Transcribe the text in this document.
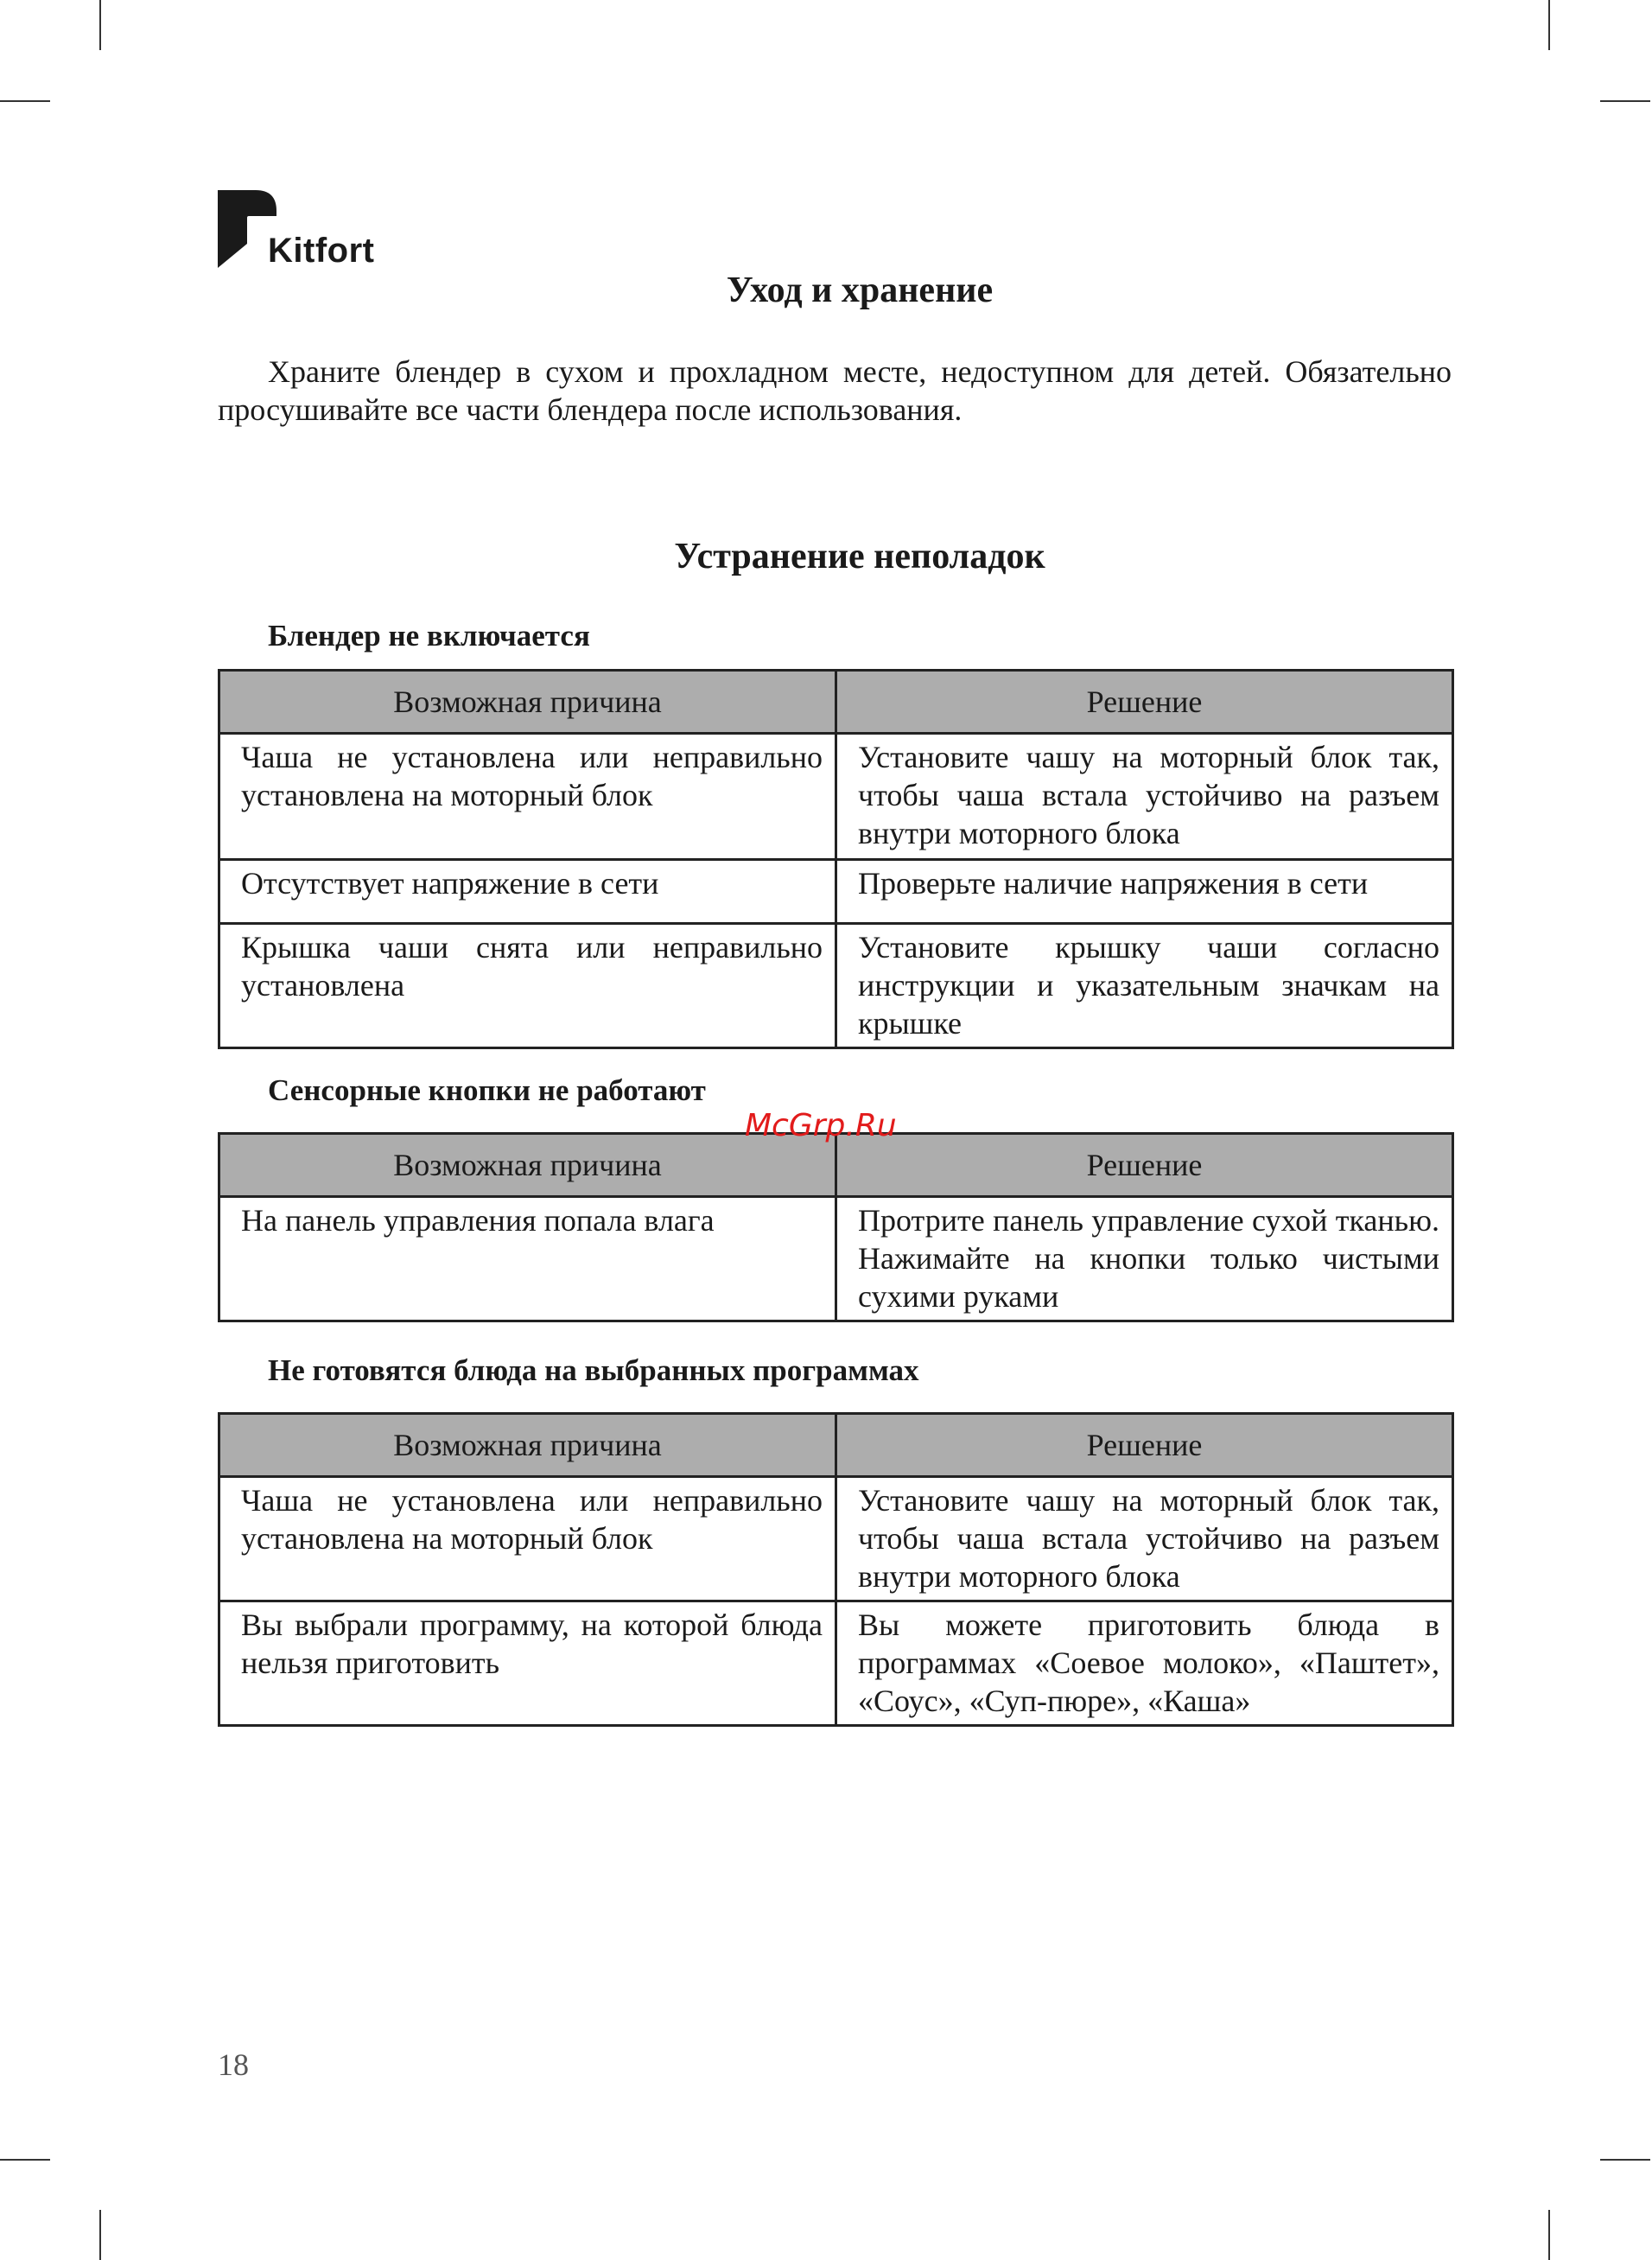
Kitfort
Уход и хранение
Храните блендер в сухом и прохладном месте, недоступном для детей. Обязательно просушивайте все части блендера после использования.
Устранение неполадок
Блендер не включается
Возможная причина	Решение
Чаша не установлена или неправильно установлена на моторный блок	Установите чашу на моторный блок так, чтобы чаша встала устойчиво на разъем внутри моторного блока
Отсутствует напряжение в сети	Проверьте наличие напряжения в сети
Крышка чаши снята или неправильно установлена	Установите крышку чаши согласно инструкции и указательным значкам на крышке
Сенсорные кнопки не работают
Возможная причина	Решение
На панель управления попала влага	Протрите панель управление сухой тканью. Нажимайте на кнопки только чистыми сухими руками
Не готовятся блюда на выбранных программах
Возможная причина	Решение
Чаша не установлена или неправильно установлена на моторный блок	Установите чашу на моторный блок так, чтобы чаша встала устойчиво на разъем внутри моторного блока
Вы выбрали программу, на которой блюда нельзя приготовить	Вы можете приготовить блюда в программах «Соевое молоко», «Паштет», «Соус», «Суп-пюре», «Каша»
McGrp.Ru
18
